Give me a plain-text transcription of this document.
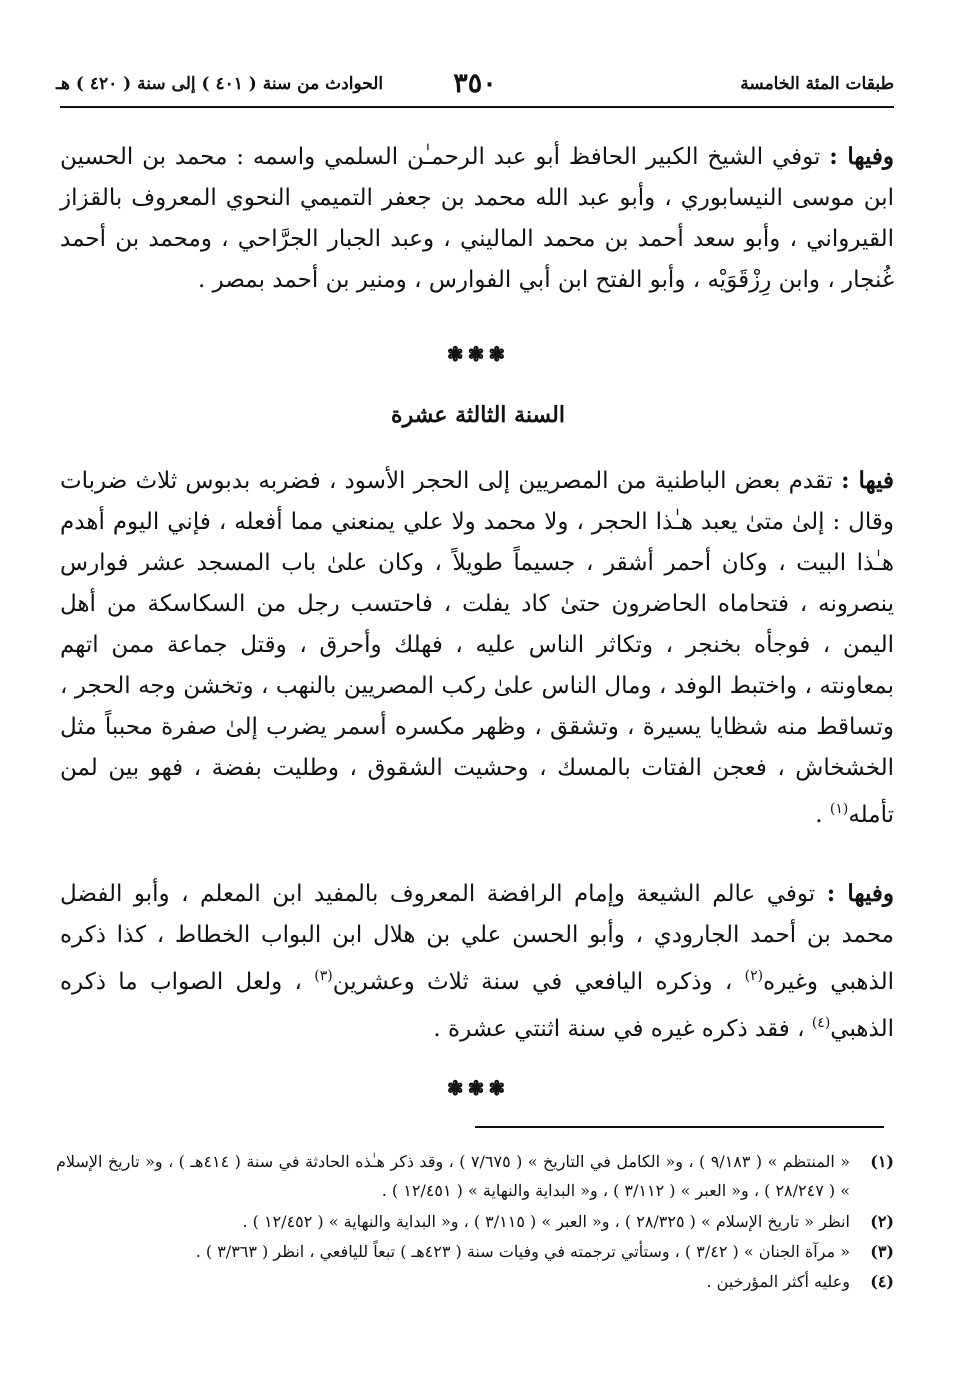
طبقات المئة الخامسة
٣٥٠
الحوادث من سنة ( ٤٠١ ) إلى سنة ( ٤٢٠ ) هـ
وفيها : توفي الشيخ الكبير الحافظ أبو عبد الرحمـٰن السلمي واسمه : محمد بن الحسين ابن موسى النيسابوري ، وأبو عبد الله محمد بن جعفر التميمي النحوي المعروف بالقزاز القيرواني ، وأبو سعد أحمد بن محمد الماليني ، وعبد الجبار الجرَّاحي ، ومحمد بن أحمد غُنجار ، وابن رِزْقَوَيْه ، وأبو الفتح ابن أبي الفوارس ، ومنير بن أحمد بمصر .
❃❃❃
السنة الثالثة عشرة
فيها : تقدم بعض الباطنية من المصريين إلى الحجر الأسود ، فضربه بدبوس ثلاث ضربات وقال : إلىٰ متىٰ يعبد هـٰذا الحجر ، ولا محمد ولا علي يمنعني مما أفعله ، فإني اليوم أهدم هـٰذا البيت ، وكان أحمر أشقر ، جسيماً طويلاً ، وكان علىٰ باب المسجد عشر فوارس ينصرونه ، فتحاماه الحاضرون حتىٰ كاد يفلت ، فاحتسب رجل من السكاسكة من أهل اليمن ، فوجأه بخنجر ، وتكاثر الناس عليه ، فهلك وأحرق ، وقتل جماعة ممن اتهم بمعاونته ، واختبط الوفد ، ومال الناس علىٰ ركب المصريين بالنهب ، وتخشن وجه الحجر ، وتساقط منه شظايا يسيرة ، وتشقق ، وظهر مكسره أسمر يضرب إلىٰ صفرة محبباً مثل الخشخاش ، فعجن الفتات بالمسك ، وحشيت الشقوق ، وطليت بفضة ، فهو بين لمن تأمله$^{(١)}$ .
وفيها : توفي عالم الشيعة وإمام الرافضة المعروف بالمفيد ابن المعلم ، وأبو الفضل محمد بن أحمد الجارودي ، وأبو الحسن علي بن هلال ابن البواب الخطاط ، كذا ذكره الذهبي وغيره$^{(٢)}$ ، وذكره اليافعي في سنة ثلاث وعشرين$^{(٣)}$ ، ولعل الصواب ما ذكره الذهبي$^{(٤)}$ ، فقد ذكره غيره في سنة اثنتي عشرة .
❃❃❃
(١)
« المنتظم » ( ٩/١٨٣ ) ، و« الكامل في التاريخ » ( ٧/٦٧٥ ) ، وقد ذكر هـٰذه الحادثة في سنة ( ٤١٤هـ ) ، و« تاريخ الإسلام » ( ٢٨/٢٤٧ ) ، و« العبر » ( ٣/١١٢ ) ، و« البداية والنهاية » ( ١٢/٤٥١ ) .
(٢)
انظر « تاريخ الإسلام » ( ٢٨/٣٢٥ ) ، و« العبر » ( ٣/١١٥ ) ، و« البداية والنهاية » ( ١٢/٤٥٢ ) .
(٣)
« مرآة الجنان » ( ٣/٤٢ ) ، وستأتي ترجمته في وفيات سنة ( ٤٢٣هـ ) تبعاً لليافعي ، انظر ( ٣/٣٦٣ ) .
(٤)
وعليه أكثر المؤرخين .
